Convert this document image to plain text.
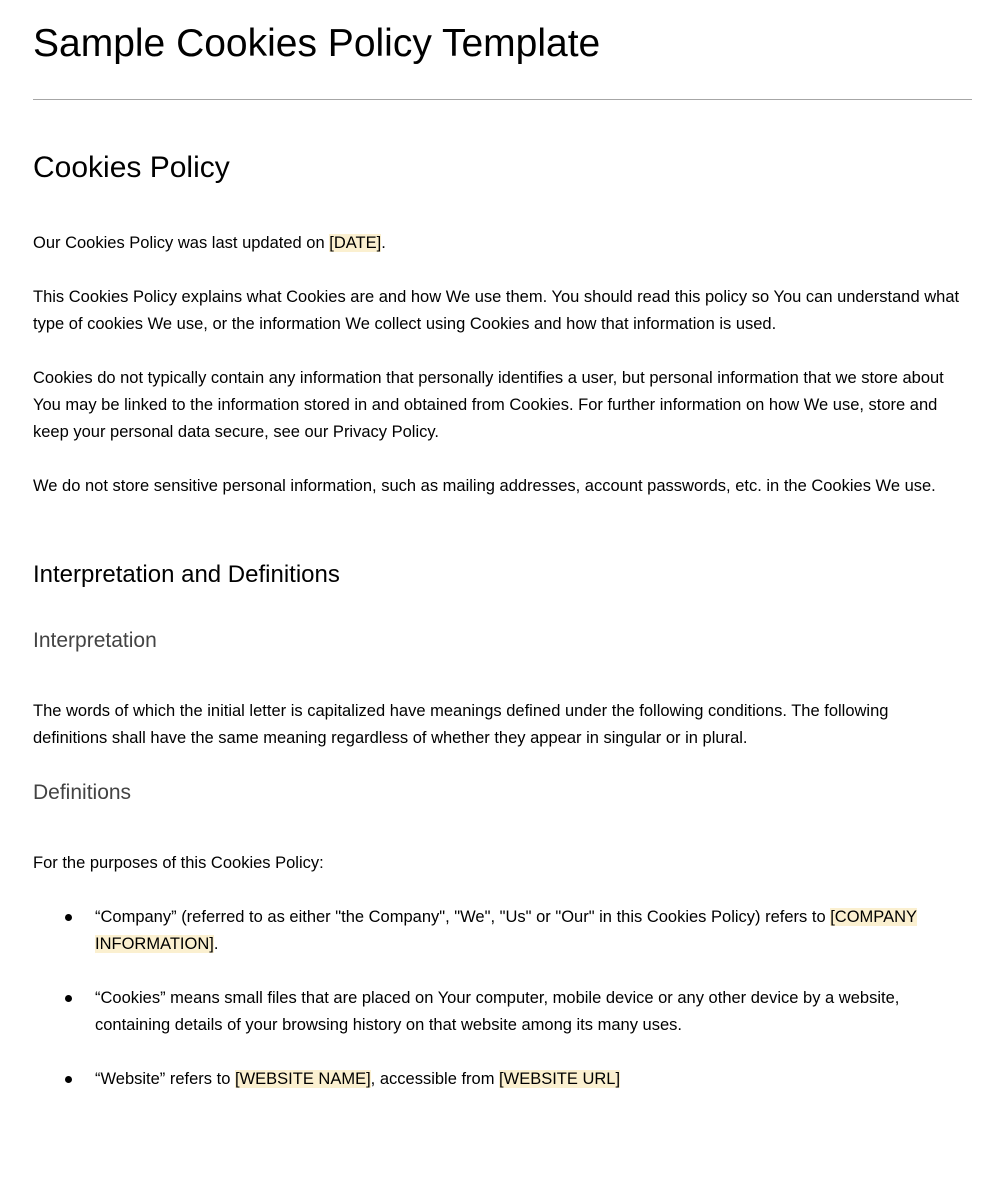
Sample Cookies Policy Template
Cookies Policy

Our Cookies Policy was last updated on [DATE].

This Cookies Policy explains what Cookies are and how We use them. You should read this policy so You can understand what type of cookies We use, or the information We collect using Cookies and how that information is used.

Cookies do not typically contain any information that personally identifies a user, but personal information that we store about You may be linked to the information stored in and obtained from Cookies. For further information on how We use, store and keep your personal data secure, see our Privacy Policy.

We do not store sensitive personal information, such as mailing addresses, account passwords, etc. in the Cookies We use.

Interpretation and Definitions
Interpretation

The words of which the initial letter is capitalized have meanings defined under the following conditions. The following definitions shall have the same meaning regardless of whether they appear in singular or in plural.

Definitions

For the purposes of this Cookies Policy:

“Company” (referred to as either "the Company", "We", "Us" or "Our" in this Cookies Policy) refers to [COMPANY INFORMATION].
“Cookies” means small files that are placed on Your computer, mobile device or any other device by a website, containing details of your browsing history on that website among its many uses.
“Website” refers to [WEBSITE NAME], accessible from [WEBSITE URL]
